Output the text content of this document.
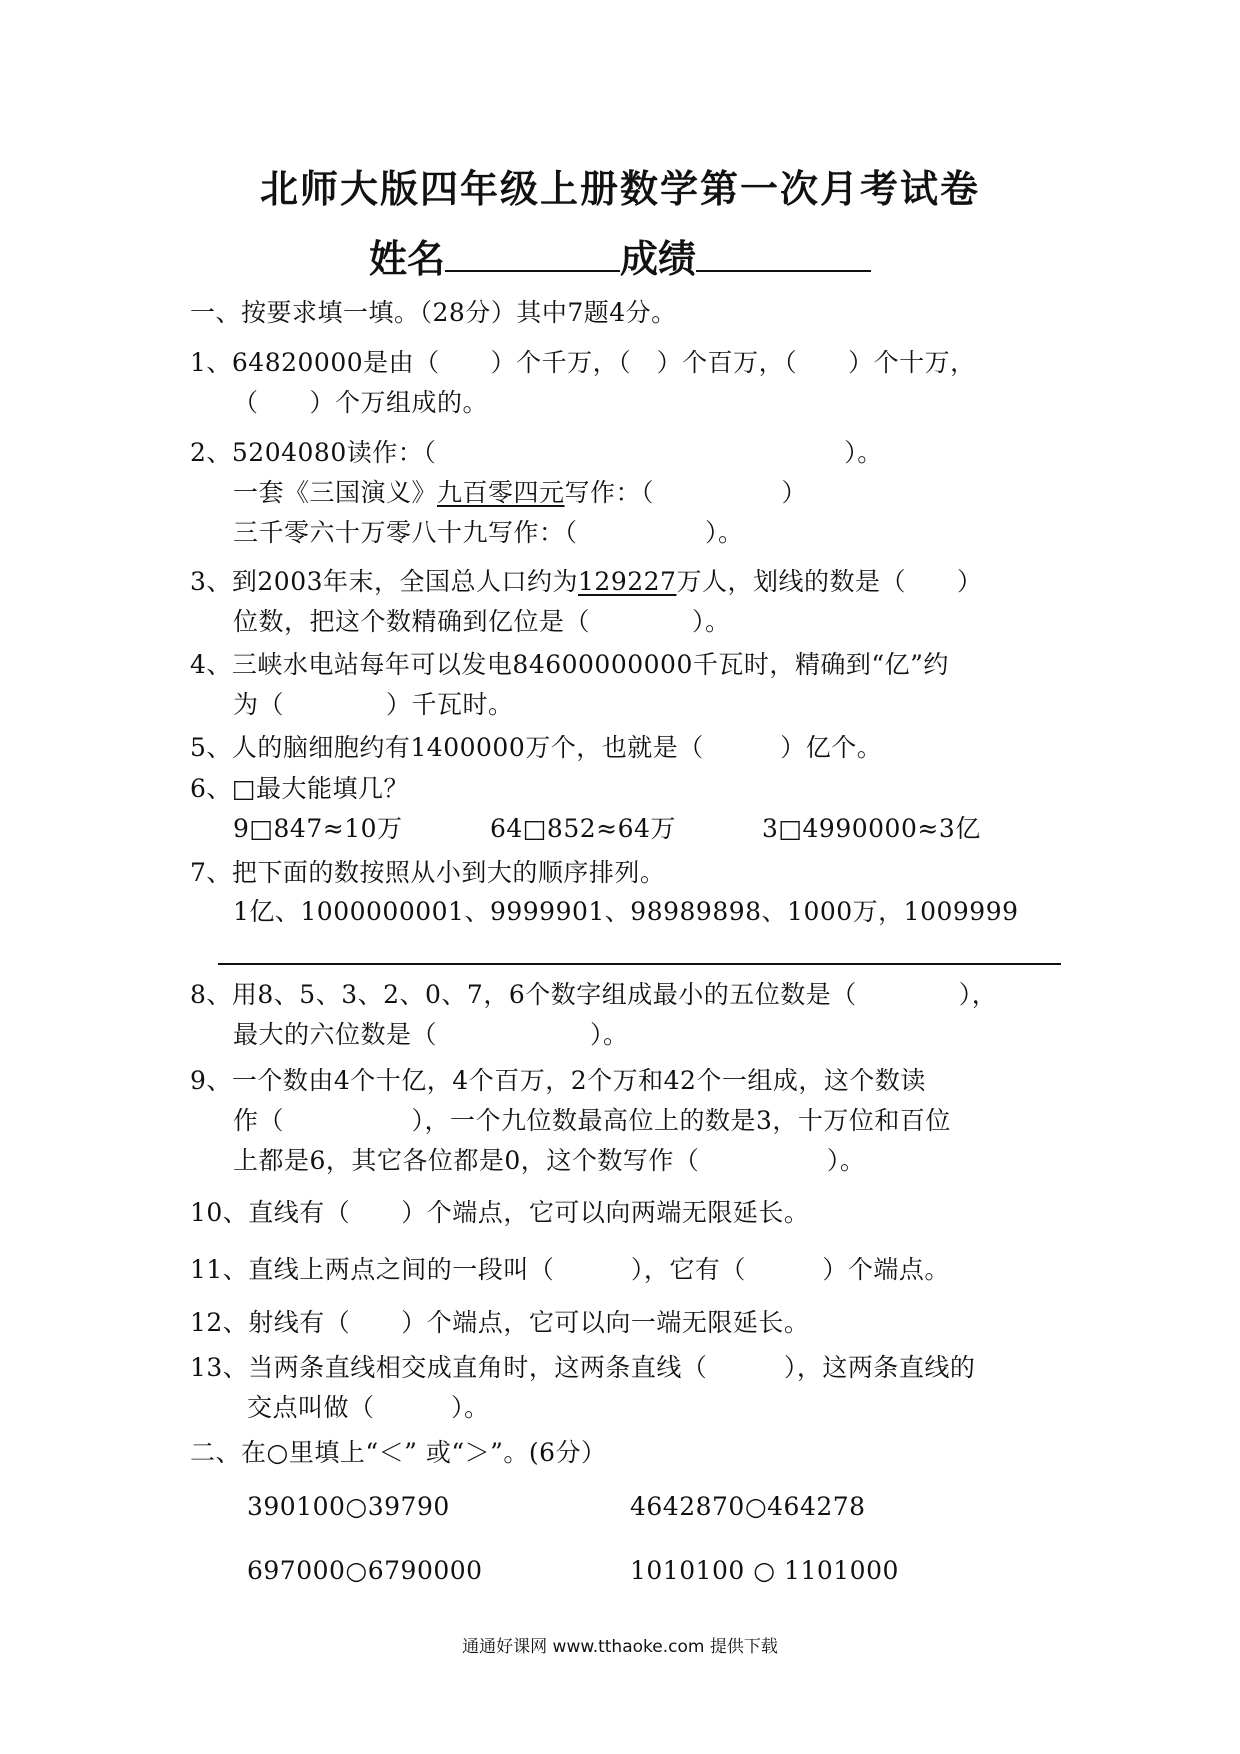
北师大版四年级上册数学第一次月考试卷
姓名	成绩
一、按要求填一填。（28分）其中7题4分。
1、64820000是由（　　）个千万，（　）个百万，（　　）个十万，
（　　）个万组成的。
2、5204080读作：（　　　　　　　　　　　　　　　　）。
一套《三国演义》九百零四元写作：（　　　　　）
三千零六十万零八十九写作：（　　　　　）。
3、到2003年末，全国总人口约为129227万人，划线的数是（　　）
位数，把这个数精确到亿位是（　　　　）。
4、三峡水电站每年可以发电84600000000千瓦时，精确到“亿”约
为（　　　　）千瓦时。
5、人的脑细胞约有1400000万个，也就是（　　　）亿个。
6、□最大能填几？
9□847≈10万	64□852≈64万	3□4990000≈3亿
7、把下面的数按照从小到大的顺序排列。
1亿、1000000001、9999901、98989898、1000万，1009999
8、用8、5、3、2、0、7，6个数字组成最小的五位数是（　　　　），
最大的六位数是（　　　　　　）。
9、一个数由4个十亿，4个百万，2个万和42个一组成，这个数读
作（　　　　　），一个九位数最高位上的数是3，十万位和百位
上都是6，其它各位都是0，这个数写作（　　　　　）。
10、直线有（　　）个端点，它可以向两端无限延长。
11、直线上两点之间的一段叫（　　　），它有（　　　）个端点。
12、射线有（　　）个端点，它可以向一端无限延长。
13、当两条直线相交成直角时，这两条直线（　　　），这两条直线的
交点叫做（　　　）。
二、在○里填上“＜” 或“＞”。(6分）
390100○39790	4642870○464278
697000○6790000	1010100 ○ 1101000
通通好课网 www.tthaoke.com 提供下载
